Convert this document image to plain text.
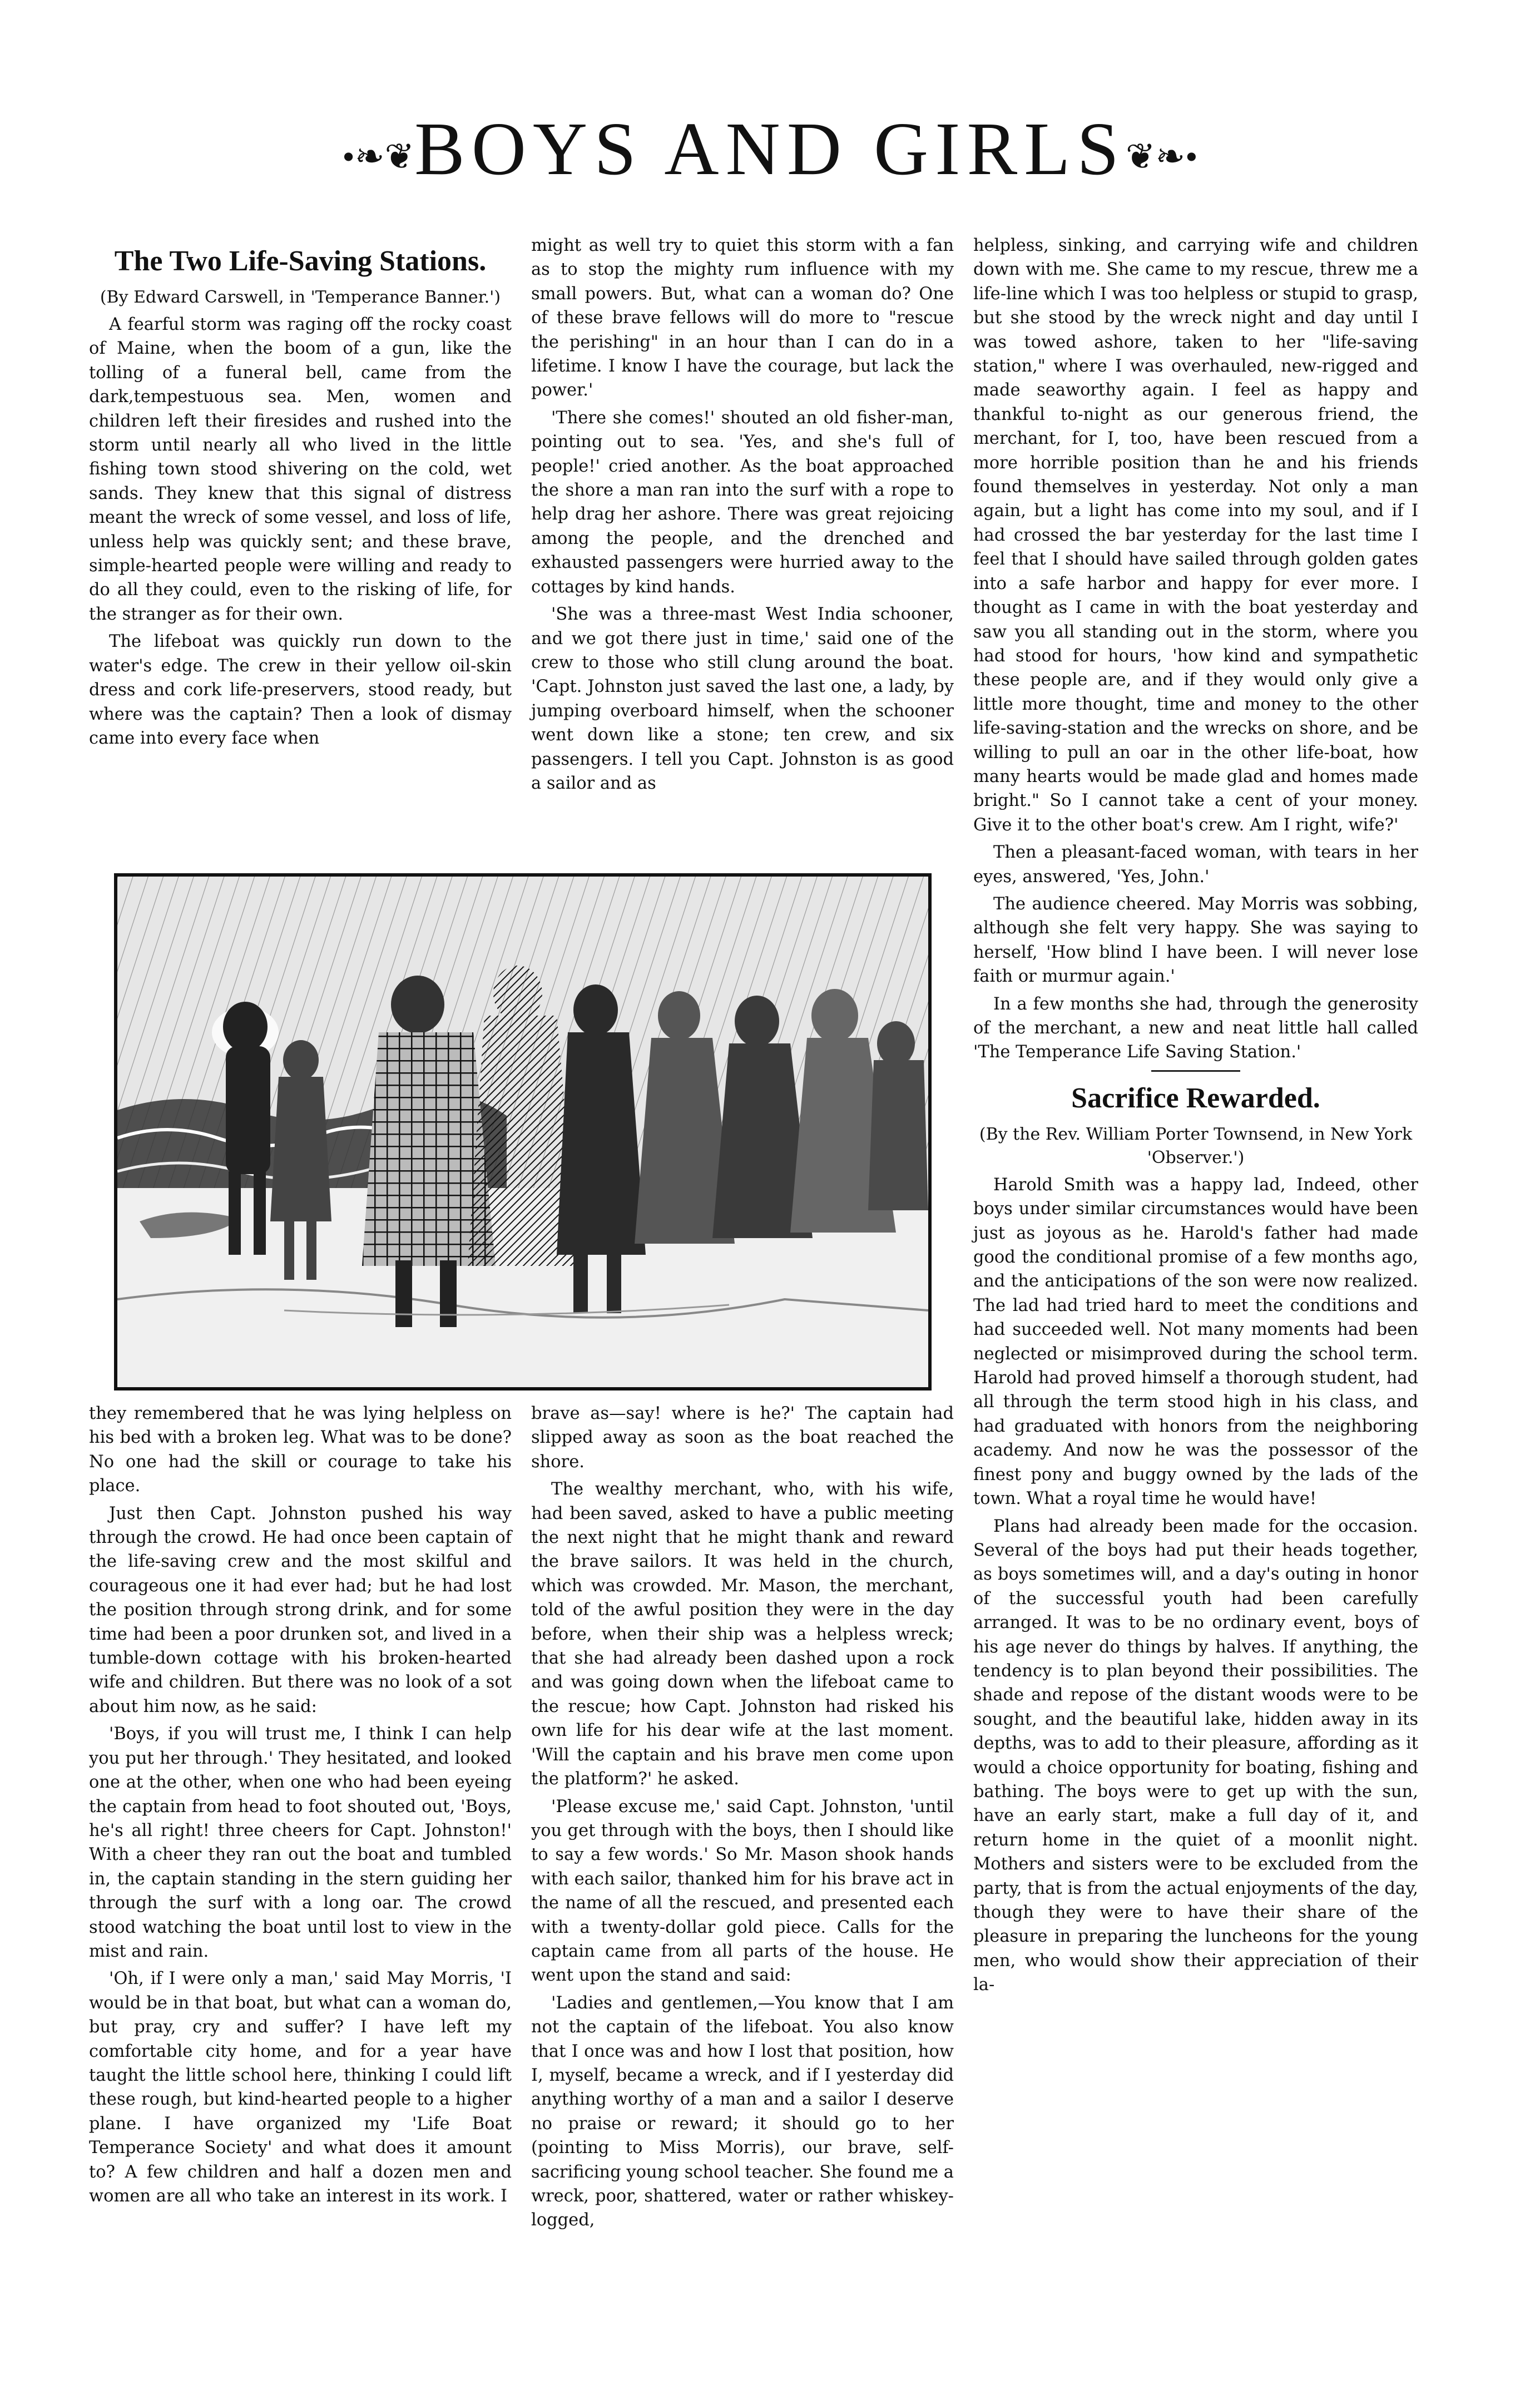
•❧❦BOYS AND GIRLS❦❧•
The Two Life-Saving Stations.

(By Edward Carswell, in 'Temperance Banner.')

A fearful storm was raging off the rocky coast of Maine, when the boom of a gun, like the tolling of a funeral bell, came from the dark,tempestuous sea. Men, women and children left their firesides and rushed into the storm until nearly all who lived in the little fishing town stood shivering on the cold, wet sands. They knew that this signal of distress meant the wreck of some vessel, and loss of life, unless help was quickly sent; and these brave, simple-hearted people were willing and ready to do all they could, even to the risking of life, for the stranger as for their own.

The lifeboat was quickly run down to the water's edge. The crew in their yellow oil-skin dress and cork life-preservers, stood ready, but where was the captain? Then a look of dismay came into every face when

might as well try to quiet this storm with a fan as to stop the mighty rum influence with my small powers. But, what can a woman do? One of these brave fellows will do more to "rescue the perishing" in an hour than I can do in a lifetime. I know I have the courage, but lack the power.'

'There she comes!' shouted an old fisher-man, pointing out to sea. 'Yes, and she's full of people!' cried another. As the boat approached the shore a man ran into the surf with a rope to help drag her ashore. There was great rejoicing among the people, and the drenched and exhausted passengers were hurried away to the cottages by kind hands.

'She was a three-mast West India schooner, and we got there just in time,' said one of the crew to those who still clung around the boat. 'Capt. Johnston just saved the last one, a lady, by jumping overboard himself, when the schooner went down like a stone; ten crew, and six passengers. I tell you Capt. Johnston is as good a sailor and as

they remembered that he was lying helpless on his bed with a broken leg. What was to be done? No one had the skill or courage to take his place.

Just then Capt. Johnston pushed his way through the crowd. He had once been captain of the life-saving crew and the most skilful and courageous one it had ever had; but he had lost the position through strong drink, and for some time had been a poor drunken sot, and lived in a tumble-down cottage with his broken-hearted wife and children. But there was no look of a sot about him now, as he said:

'Boys, if you will trust me, I think I can help you put her through.' They hesitated, and looked one at the other, when one who had been eyeing the captain from head to foot shouted out, 'Boys, he's all right! three cheers for Capt. Johnston!' With a cheer they ran out the boat and tumbled in, the captain standing in the stern guiding her through the surf with a long oar. The crowd stood watching the boat until lost to view in the mist and rain.

'Oh, if I were only a man,' said May Morris, 'I would be in that boat, but what can a woman do, but pray, cry and suffer? I have left my comfortable city home, and for a year have taught the little school here, thinking I could lift these rough, but kind-hearted people to a higher plane. I have organized my 'Life Boat Temperance Society' and what does it amount to? A few children and half a dozen men and women are all who take an interest in its work. I

brave as—say! where is he?' The captain had slipped away as soon as the boat reached the shore.

The wealthy merchant, who, with his wife, had been saved, asked to have a public meeting the next night that he might thank and reward the brave sailors. It was held in the church, which was crowded. Mr. Mason, the merchant, told of the awful position they were in the day before, when their ship was a helpless wreck; that she had already been dashed upon a rock and was going down when the lifeboat came to the rescue; how Capt. Johnston had risked his own life for his dear wife at the last moment. 'Will the captain and his brave men come upon the platform?' he asked.

'Please excuse me,' said Capt. Johnston, 'until you get through with the boys, then I should like to say a few words.' So Mr. Mason shook hands with each sailor, thanked him for his brave act in the name of all the rescued, and presented each with a twenty-dollar gold piece. Calls for the captain came from all parts of the house. He went upon the stand and said:

'Ladies and gentlemen,—You know that I am not the captain of the lifeboat. You also know that I once was and how I lost that position, how I, myself, became a wreck, and if I yesterday did anything worthy of a man and a sailor I deserve no praise or reward; it should go to her (pointing to Miss Morris), our brave, self-sacrificing young school teacher. She found me a wreck, poor, shattered, water or rather whiskey-logged,

helpless, sinking, and carrying wife and children down with me. She came to my rescue, threw me a life-line which I was too helpless or stupid to grasp, but she stood by the wreck night and day until I was towed ashore, taken to her "life-saving station," where I was overhauled, new-rigged and made seaworthy again. I feel as happy and thankful to-night as our generous friend, the merchant, for I, too, have been rescued from a more horrible position than he and his friends found themselves in yesterday. Not only a man again, but a light has come into my soul, and if I had crossed the bar yesterday for the last time I feel that I should have sailed through golden gates into a safe harbor and happy for ever more. I thought as I came in with the boat yesterday and saw you all standing out in the storm, where you had stood for hours, 'how kind and sympathetic these people are, and if they would only give a little more thought, time and money to the other life-saving-station and the wrecks on shore, and be willing to pull an oar in the other life-boat, how many hearts would be made glad and homes made bright." So I cannot take a cent of your money. Give it to the other boat's crew. Am I right, wife?'

Then a pleasant-faced woman, with tears in her eyes, answered, 'Yes, John.'

The audience cheered. May Morris was sobbing, although she felt very happy. She was saying to herself, 'How blind I have been. I will never lose faith or murmur again.'

In a few months she had, through the generosity of the merchant, a new and neat little hall called 'The Temperance Life Saving Station.'

Sacrifice Rewarded.

(By the Rev. William Porter Townsend, in New York 'Observer.')

Harold Smith was a happy lad, Indeed, other boys under similar circumstances would have been just as joyous as he. Harold's father had made good the conditional promise of a few months ago, and the anticipations of the son were now realized. The lad had tried hard to meet the conditions and had succeeded well. Not many moments had been neglected or misimproved during the school term. Harold had proved himself a thorough student, had all through the term stood high in his class, and had graduated with honors from the neighboring academy. And now he was the possessor of the finest pony and buggy owned by the lads of the town. What a royal time he would have!

Plans had already been made for the occasion. Several of the boys had put their heads together, as boys sometimes will, and a day's outing in honor of the successful youth had been carefully arranged. It was to be no ordinary event, boys of his age never do things by halves. If anything, the tendency is to plan beyond their possibilities. The shade and repose of the distant woods were to be sought, and the beautiful lake, hidden away in its depths, was to add to their pleasure, affording as it would a choice opportunity for boating, fishing and bathing. The boys were to get up with the sun, have an early start, make a full day of it, and return home in the quiet of a moonlit night. Mothers and sisters were to be excluded from the party, that is from the actual enjoyments of the day, though they were to have their share of the pleasure in preparing the luncheons for the young men, who would show their appreciation of their la-
